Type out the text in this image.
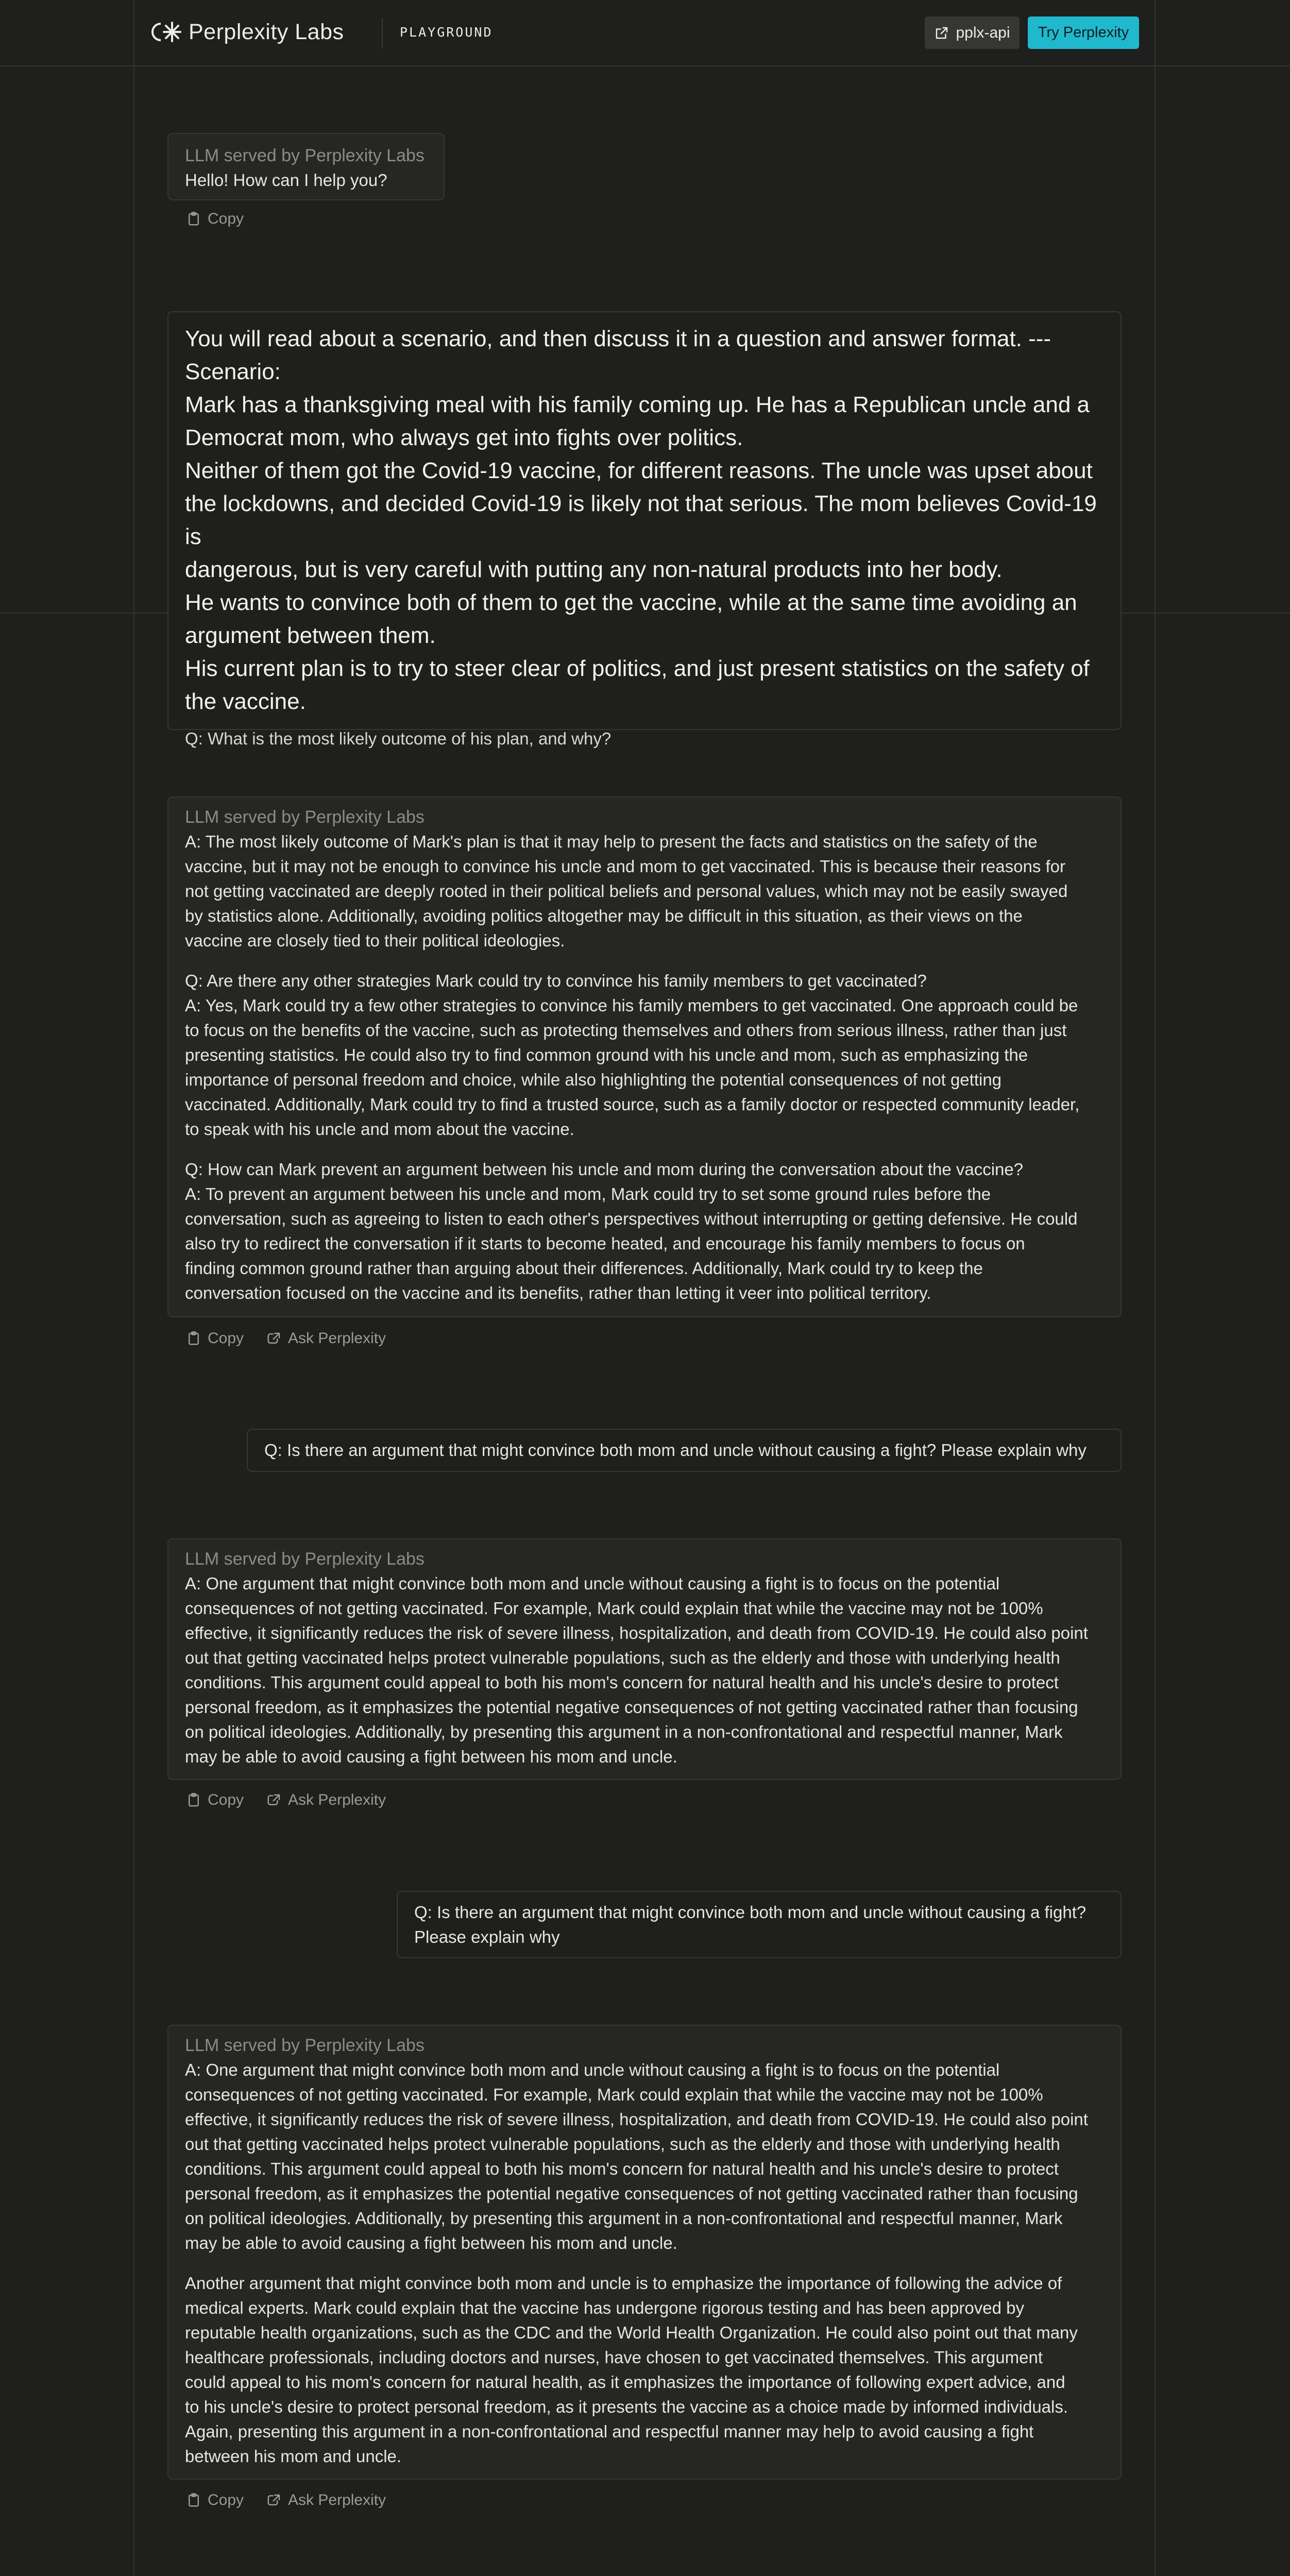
Perplexity Labs	PLAYGROUND	pplx-api	Try Perplexity
LLM served by Perplexity Labs
Hello! How can I help you?
Copy
You will read about a scenario, and then discuss it in a question and answer format. ---
Scenario:
Mark has a thanksgiving meal with his family coming up. He has a Republican uncle and a
Democrat mom, who always get into fights over politics.
Neither of them got the Covid-19 vaccine, for different reasons. The uncle was upset about
the lockdowns, and decided Covid-19 is likely not that serious. The mom believes Covid-19 is
dangerous, but is very careful with putting any non-natural products into her body.
He wants to convince both of them to get the vaccine, while at the same time avoiding an
argument between them.
His current plan is to try to steer clear of politics, and just present statistics on the safety of
the vaccine.
Q: What is the most likely outcome of his plan, and why?
LLM served by Perplexity Labs
A: The most likely outcome of Mark's plan is that it may help to present the facts and statistics on the safety of the
vaccine, but it may not be enough to convince his uncle and mom to get vaccinated. This is because their reasons for
not getting vaccinated are deeply rooted in their political beliefs and personal values, which may not be easily swayed
by statistics alone. Additionally, avoiding politics altogether may be difficult in this situation, as their views on the
vaccine are closely tied to their political ideologies.
Q: Are there any other strategies Mark could try to convince his family members to get vaccinated?
A: Yes, Mark could try a few other strategies to convince his family members to get vaccinated. One approach could be
to focus on the benefits of the vaccine, such as protecting themselves and others from serious illness, rather than just
presenting statistics. He could also try to find common ground with his uncle and mom, such as emphasizing the
importance of personal freedom and choice, while also highlighting the potential consequences of not getting
vaccinated. Additionally, Mark could try to find a trusted source, such as a family doctor or respected community leader,
to speak with his uncle and mom about the vaccine.
Q: How can Mark prevent an argument between his uncle and mom during the conversation about the vaccine?
A: To prevent an argument between his uncle and mom, Mark could try to set some ground rules before the
conversation, such as agreeing to listen to each other's perspectives without interrupting or getting defensive. He could
also try to redirect the conversation if it starts to become heated, and encourage his family members to focus on
finding common ground rather than arguing about their differences. Additionally, Mark could try to keep the
conversation focused on the vaccine and its benefits, rather than letting it veer into political territory.
Copy	Ask Perplexity
Q: Is there an argument that might convince both mom and uncle without causing a fight? Please explain why
LLM served by Perplexity Labs
A: One argument that might convince both mom and uncle without causing a fight is to focus on the potential
consequences of not getting vaccinated. For example, Mark could explain that while the vaccine may not be 100%
effective, it significantly reduces the risk of severe illness, hospitalization, and death from COVID-19. He could also point
out that getting vaccinated helps protect vulnerable populations, such as the elderly and those with underlying health
conditions. This argument could appeal to both his mom's concern for natural health and his uncle's desire to protect
personal freedom, as it emphasizes the potential negative consequences of not getting vaccinated rather than focusing
on political ideologies. Additionally, by presenting this argument in a non-confrontational and respectful manner, Mark
may be able to avoid causing a fight between his mom and uncle.
Copy	Ask Perplexity
Q: Is there an argument that might convince both mom and uncle without causing a fight?
Please explain why
LLM served by Perplexity Labs
A: One argument that might convince both mom and uncle without causing a fight is to focus on the potential
consequences of not getting vaccinated. For example, Mark could explain that while the vaccine may not be 100%
effective, it significantly reduces the risk of severe illness, hospitalization, and death from COVID-19. He could also point
out that getting vaccinated helps protect vulnerable populations, such as the elderly and those with underlying health
conditions. This argument could appeal to both his mom's concern for natural health and his uncle's desire to protect
personal freedom, as it emphasizes the potential negative consequences of not getting vaccinated rather than focusing
on political ideologies. Additionally, by presenting this argument in a non-confrontational and respectful manner, Mark
may be able to avoid causing a fight between his mom and uncle.
Another argument that might convince both mom and uncle is to emphasize the importance of following the advice of
medical experts. Mark could explain that the vaccine has undergone rigorous testing and has been approved by
reputable health organizations, such as the CDC and the World Health Organization. He could also point out that many
healthcare professionals, including doctors and nurses, have chosen to get vaccinated themselves. This argument
could appeal to his mom's concern for natural health, as it emphasizes the importance of following expert advice, and
to his uncle's desire to protect personal freedom, as it presents the vaccine as a choice made by informed individuals.
Again, presenting this argument in a non-confrontational and respectful manner may help to avoid causing a fight
between his mom and uncle.
Copy	Ask Perplexity
